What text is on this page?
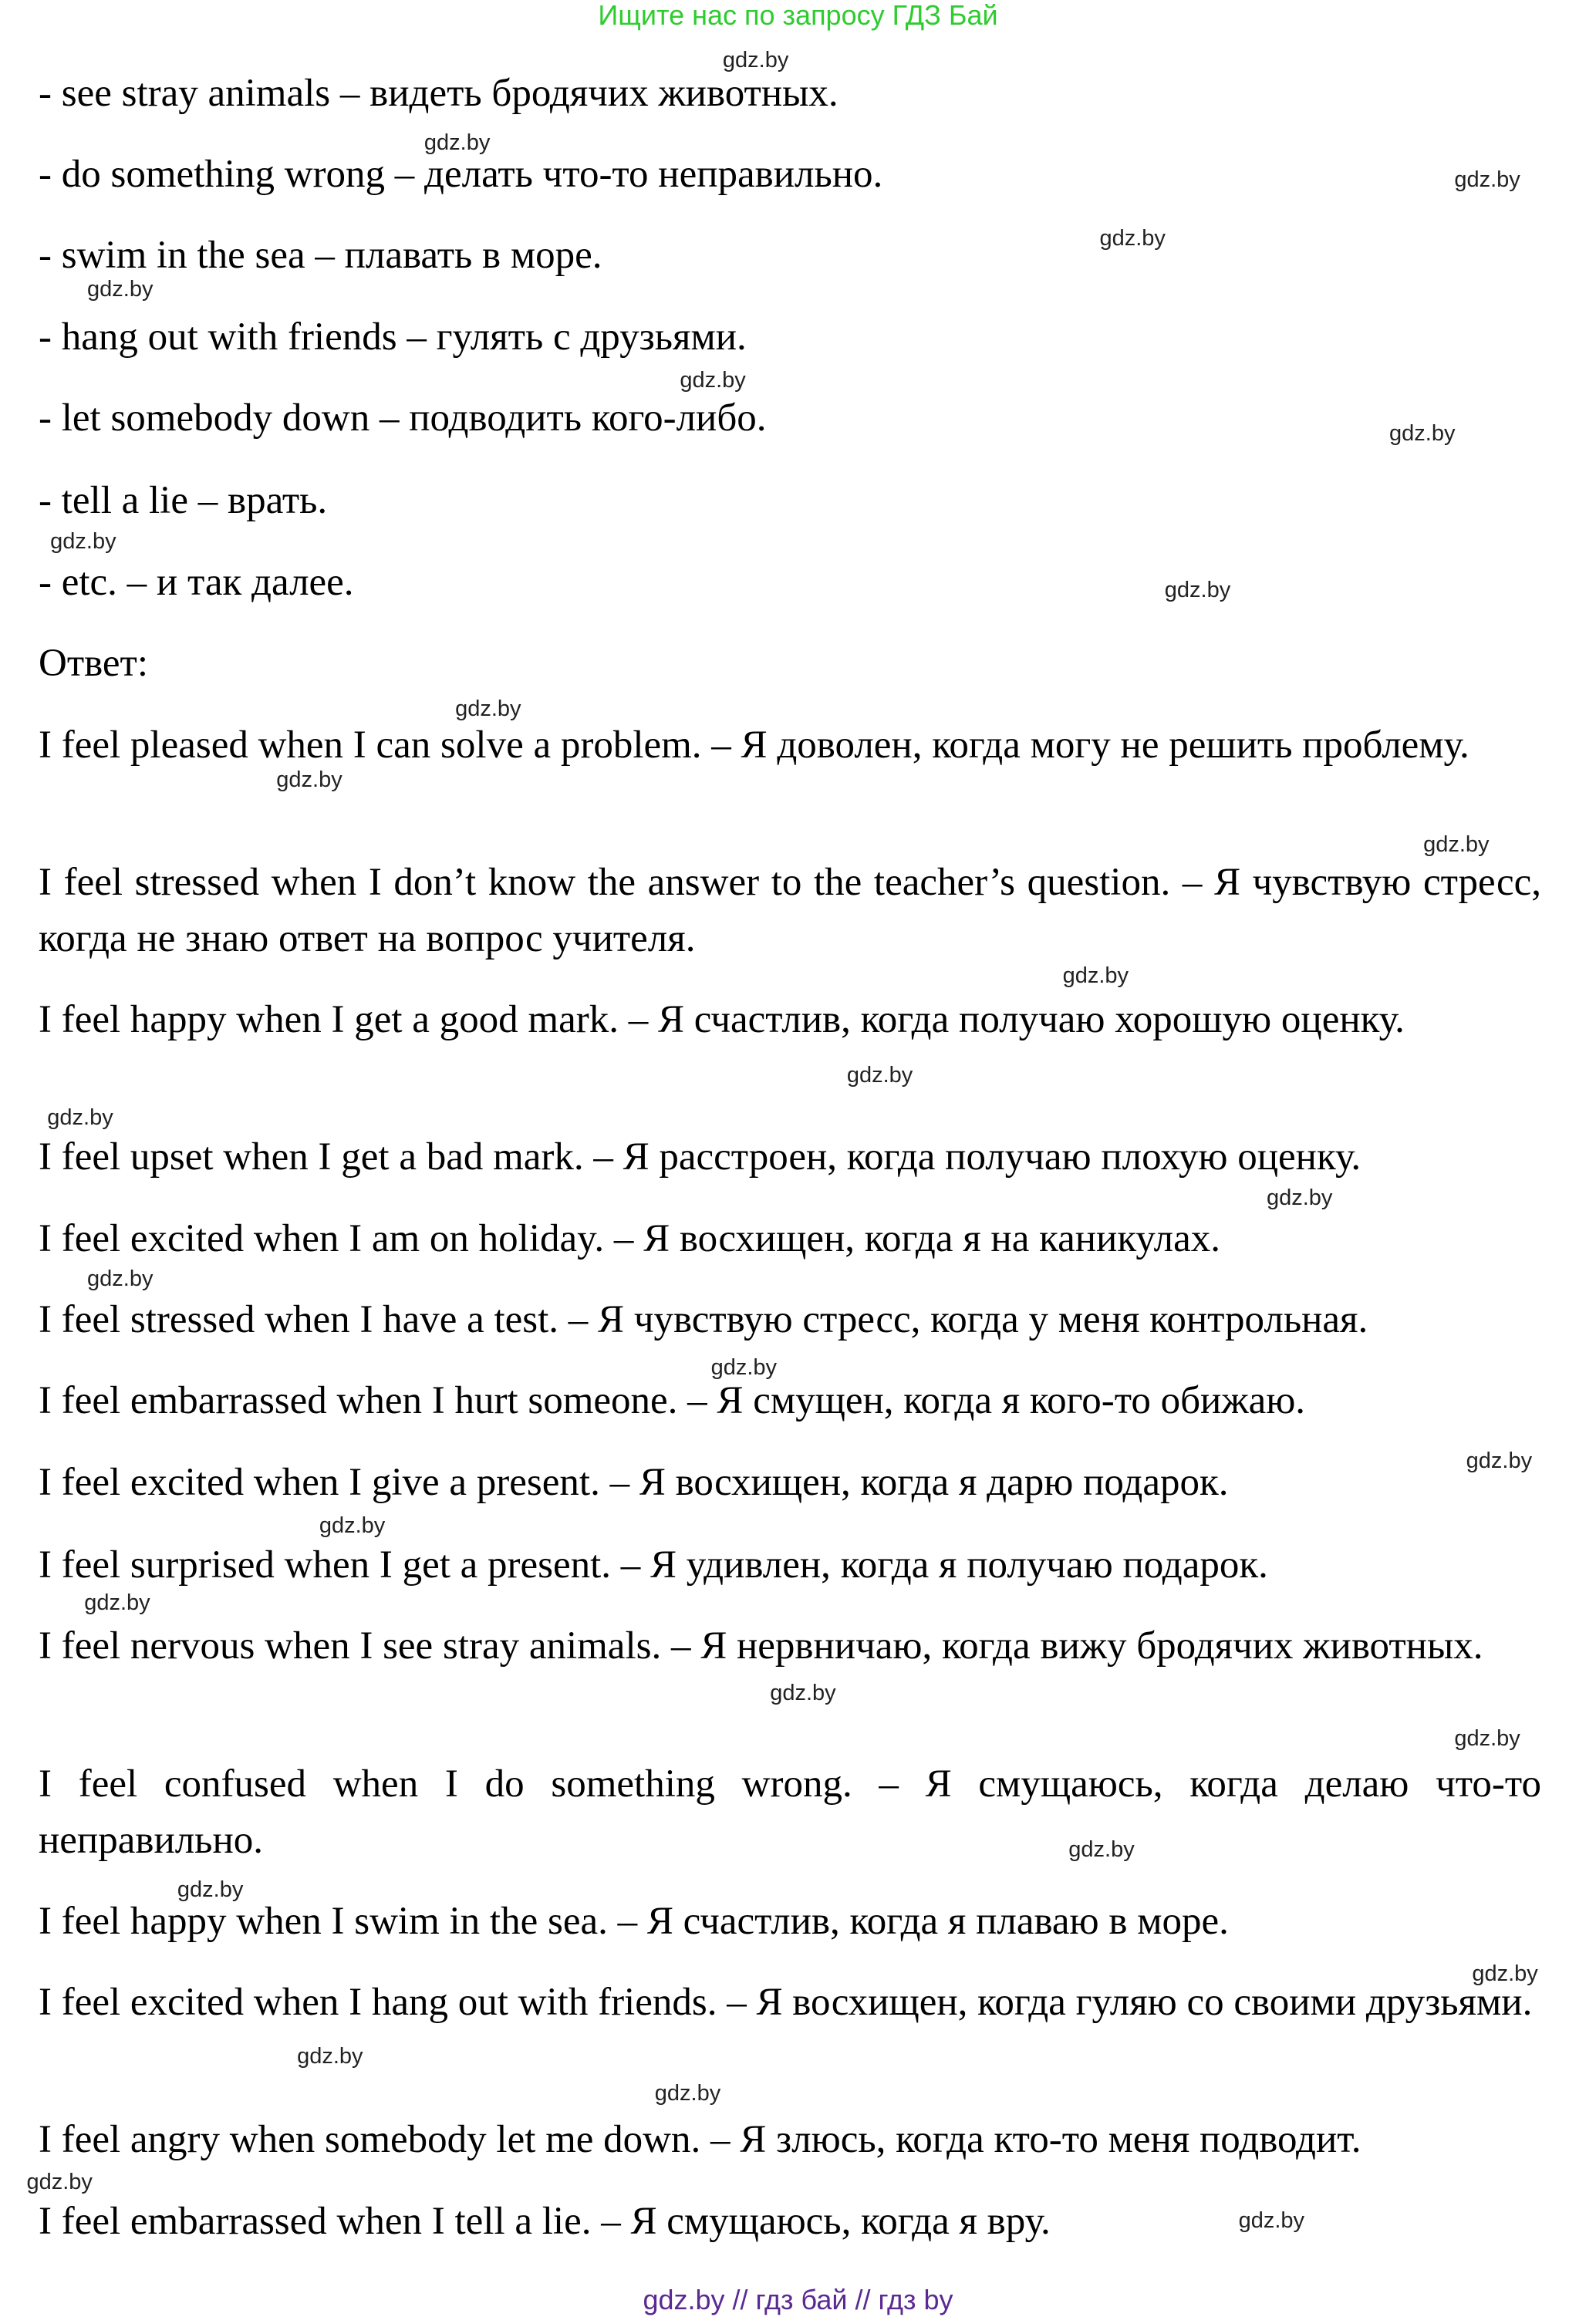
Ищите нас по запросу ГДЗ Бай
- see stray animals – видеть бродячих животных.
- do something wrong – делать что-то неправильно.
- swim in the sea – плавать в море.
- hang out with friends – гулять с друзьями.
- let somebody down – подводить кого-либо.
- tell a lie – врать.
- etc. – и так далее.
Ответ:
I feel pleased when I can solve a problem. – Я доволен, когда могу не решить проблему.
I feel stressed when I don’t know the answer to the teacher’s question. – Я чувствую стресс, когда не знаю ответ на вопрос учителя.
I feel happy when I get a good mark. – Я счастлив, когда получаю хорошую оценку.
I feel upset when I get a bad mark. – Я расстроен, когда получаю плохую оценку.
I feel excited when I am on holiday. – Я восхищен, когда я на каникулах.
I feel stressed when I have a test. – Я чувствую стресс, когда у меня контрольная.
I feel embarrassed when I hurt someone. – Я смущен, когда я кого-то обижаю.
I feel excited when I give a present. – Я восхищен, когда я дарю подарок.
I feel surprised when I get a present. – Я удивлен, когда я получаю подарок.
I feel nervous when I see stray animals. – Я нервничаю, когда вижу бродячих животных.
I feel confused when I do something wrong. – Я смущаюсь, когда делаю что-то неправильно.
I feel happy when I swim in the sea. – Я счастлив, когда я плаваю в море.
I feel excited when I hang out with friends. – Я восхищен, когда гуляю со своими друзьями.
I feel angry when somebody let me down. – Я злюсь, когда кто-то меня подводит.
I feel embarrassed when I tell a lie. – Я смущаюсь, когда я вру.
gdz.by
gdz.by
gdz.by
gdz.by
gdz.by
gdz.by
gdz.by
gdz.by
gdz.by
gdz.by
gdz.by
gdz.by
gdz.by
gdz.by
gdz.by
gdz.by
gdz.by
gdz.by
gdz.by
gdz.by
gdz.by
gdz.by
gdz.by
gdz.by
gdz.by
gdz.by
gdz.by
gdz.by
gdz.by
gdz.by
gdz.by // гдз бай // гдз by
